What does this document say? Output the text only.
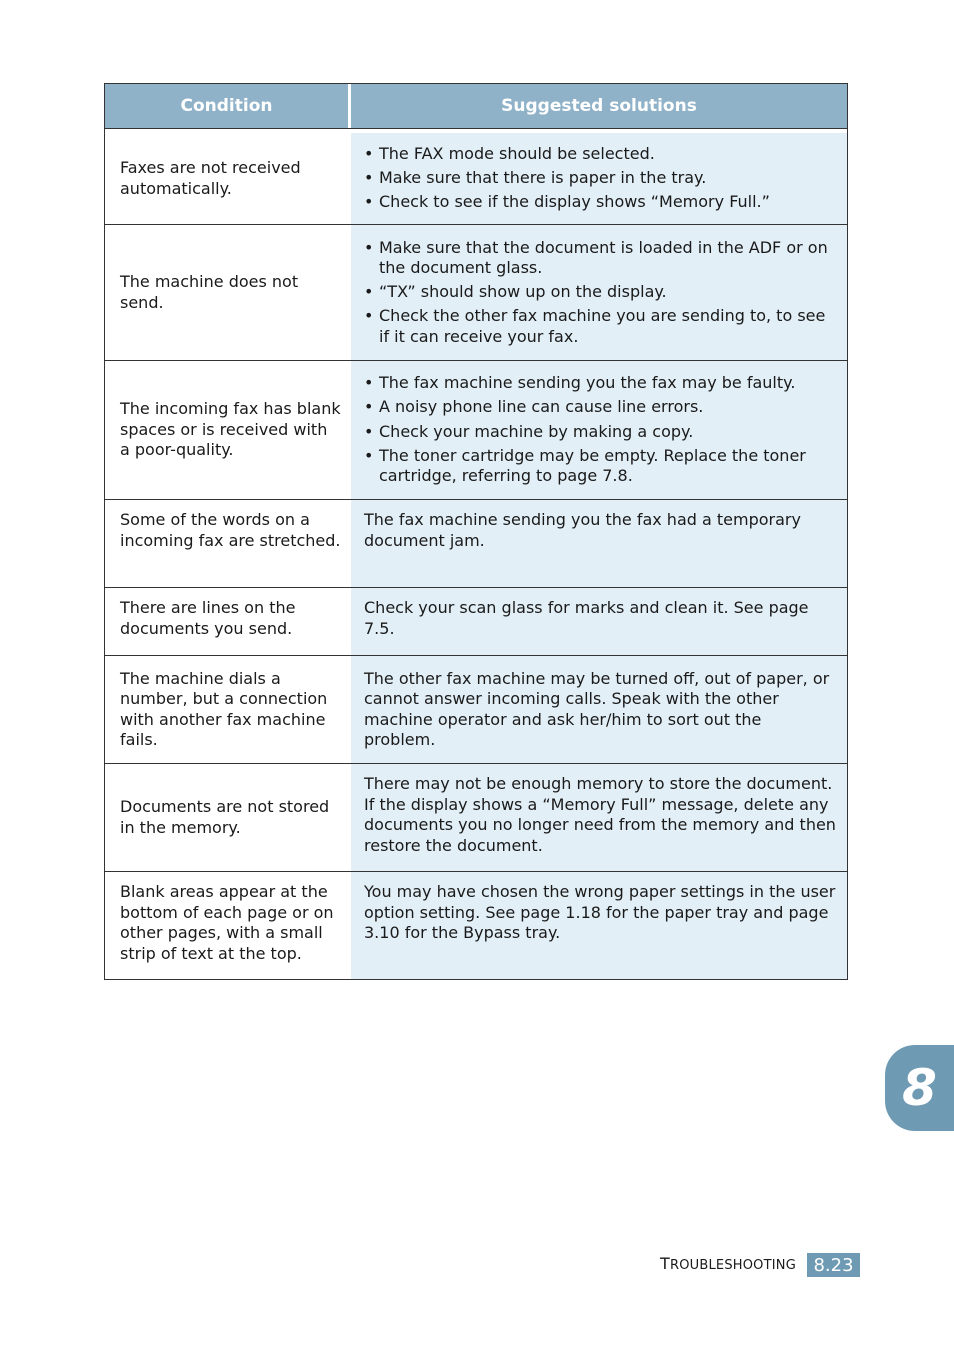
Condition	Suggested solutions
Faxes are not received automatically.
• The FAX mode should be selected.
• Make sure that there is paper in the tray.
• Check to see if the display shows “Memory Full.”
The machine does not send.
• Make sure that the document is loaded in the ADF or on the document glass.
• “TX” should show up on the display.
• Check the other fax machine you are sending to, to see if it can receive your fax.
The incoming fax has blank spaces or is received with a poor-quality.
• The fax machine sending you the fax may be faulty.
• A noisy phone line can cause line errors.
• Check your machine by making a copy.
• The toner cartridge may be empty. Replace the toner cartridge, referring to page 7.8.
Some of the words on a incoming fax are stretched.
The fax machine sending you the fax had a temporary document jam.
There are lines on the documents you send.
Check your scan glass for marks and clean it. See page 7.5.
The machine dials a number, but a connection with another fax machine fails.
The other fax machine may be turned off, out of paper, or cannot answer incoming calls. Speak with the other machine operator and ask her/him to sort out the problem.
Documents are not stored in the memory.
There may not be enough memory to store the document. If the display shows a “Memory Full” message, delete any documents you no longer need from the memory and then restore the document.
Blank areas appear at the bottom of each page or on other pages, with a small strip of text at the top.
You may have chosen the wrong paper settings in the user option setting. See page 1.18 for the paper tray and page 3.10 for the Bypass tray.
8
TROUBLESHOOTING 8.23
